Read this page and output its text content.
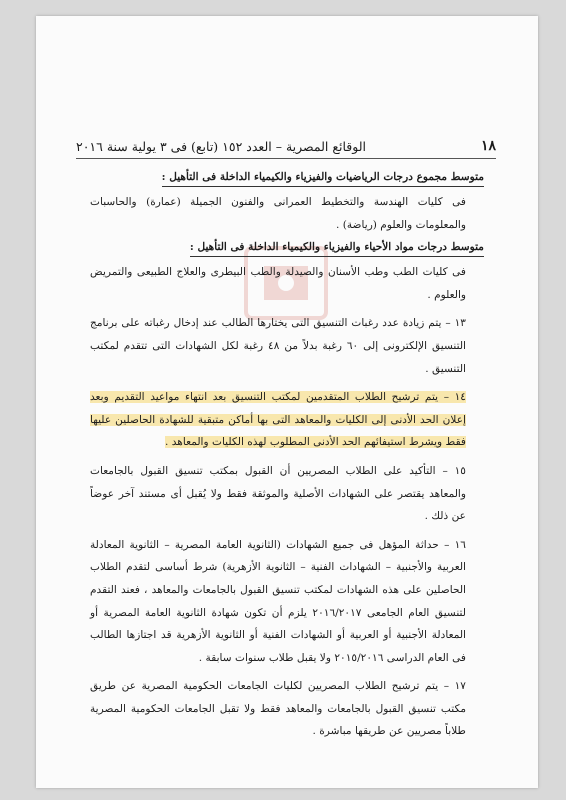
١٨
الوقائع المصرية – العدد ١٥٢ (تابع) فى ٣ يولية سنة ٢٠١٦
متوسط مجموع درجات الرياضيات والفيزياء والكيمياء الداخلة فى التأهيل :

فى كليات الهندسة والتخطيط العمرانى والفنون الجميلة (عمارة) والحاسبات والمعلومات والعلوم (رياضة) .

متوسط درجات مواد الأحياء والفيزياء والكيمياء الداخلة فى التأهيل :

فى كليات الطب وطب الأسنان والصيدلة والطب البيطرى والعلاج الطبيعى والتمريض والعلوم .

١٣ – يتم زيادة عدد رغبات التنسيق التى يختارها الطالب عند إدخال رغباته على برنامج التنسيق الإلكترونى إلى ٦٠ رغبة بدلاً من ٤٨ رغبة لكل الشهادات التى تتقدم لمكتب التنسيق .

١٤ – يتم ترشيح الطلاب المتقدمين لمكتب التنسيق بعد انتهاء مواعيد التقديم وبعد إعلان الحد الأدنى إلى الكليات والمعاهد التى بها أماكن متبقية للشهادة الحاصلين عليها فقط ويشرط استيفائهم الحد الأدنى المطلوب لهذه الكليات والمعاهد .

١٥ – التأكيد على الطلاب المصريين أن القبول بمكتب تنسيق القبول بالجامعات والمعاهد يقتصر على الشهادات الأصلية والموثقة فقط ولا يُقبل أى مستند آخر عوضاً عن ذلك .

١٦ – حداثة المؤهل فى جميع الشهادات (الثانوية العامة المصرية – الثانوية المعادلة العربية والأجنبية – الشهادات الفنية – الثانوية الأزهرية) شرط أساسى لتقدم الطلاب الحاصلين على هذه الشهادات لمكتب تنسيق القبول بالجامعات والمعاهد ، فعند التقدم لتنسيق العام الجامعى ٢٠١٦/٢٠١٧ يلزم أن تكون شهادة الثانوية العامة المصرية أو المعادلة الأجنبية أو العربية أو الشهادات الفنية أو الثانوية الأزهرية قد اجتازها الطالب فى العام الدراسى ٢٠١٥/٢٠١٦ ولا يقبل طلاب سنوات سابقة .

١٧ – يتم ترشيح الطلاب المصريين لكليات الجامعات الحكومية المصرية عن طريق مكتب تنسيق القبول بالجامعات والمعاهد فقط ولا تقبل الجامعات الحكومية المصرية طلاباً مصريين عن طريقها مباشرة .
